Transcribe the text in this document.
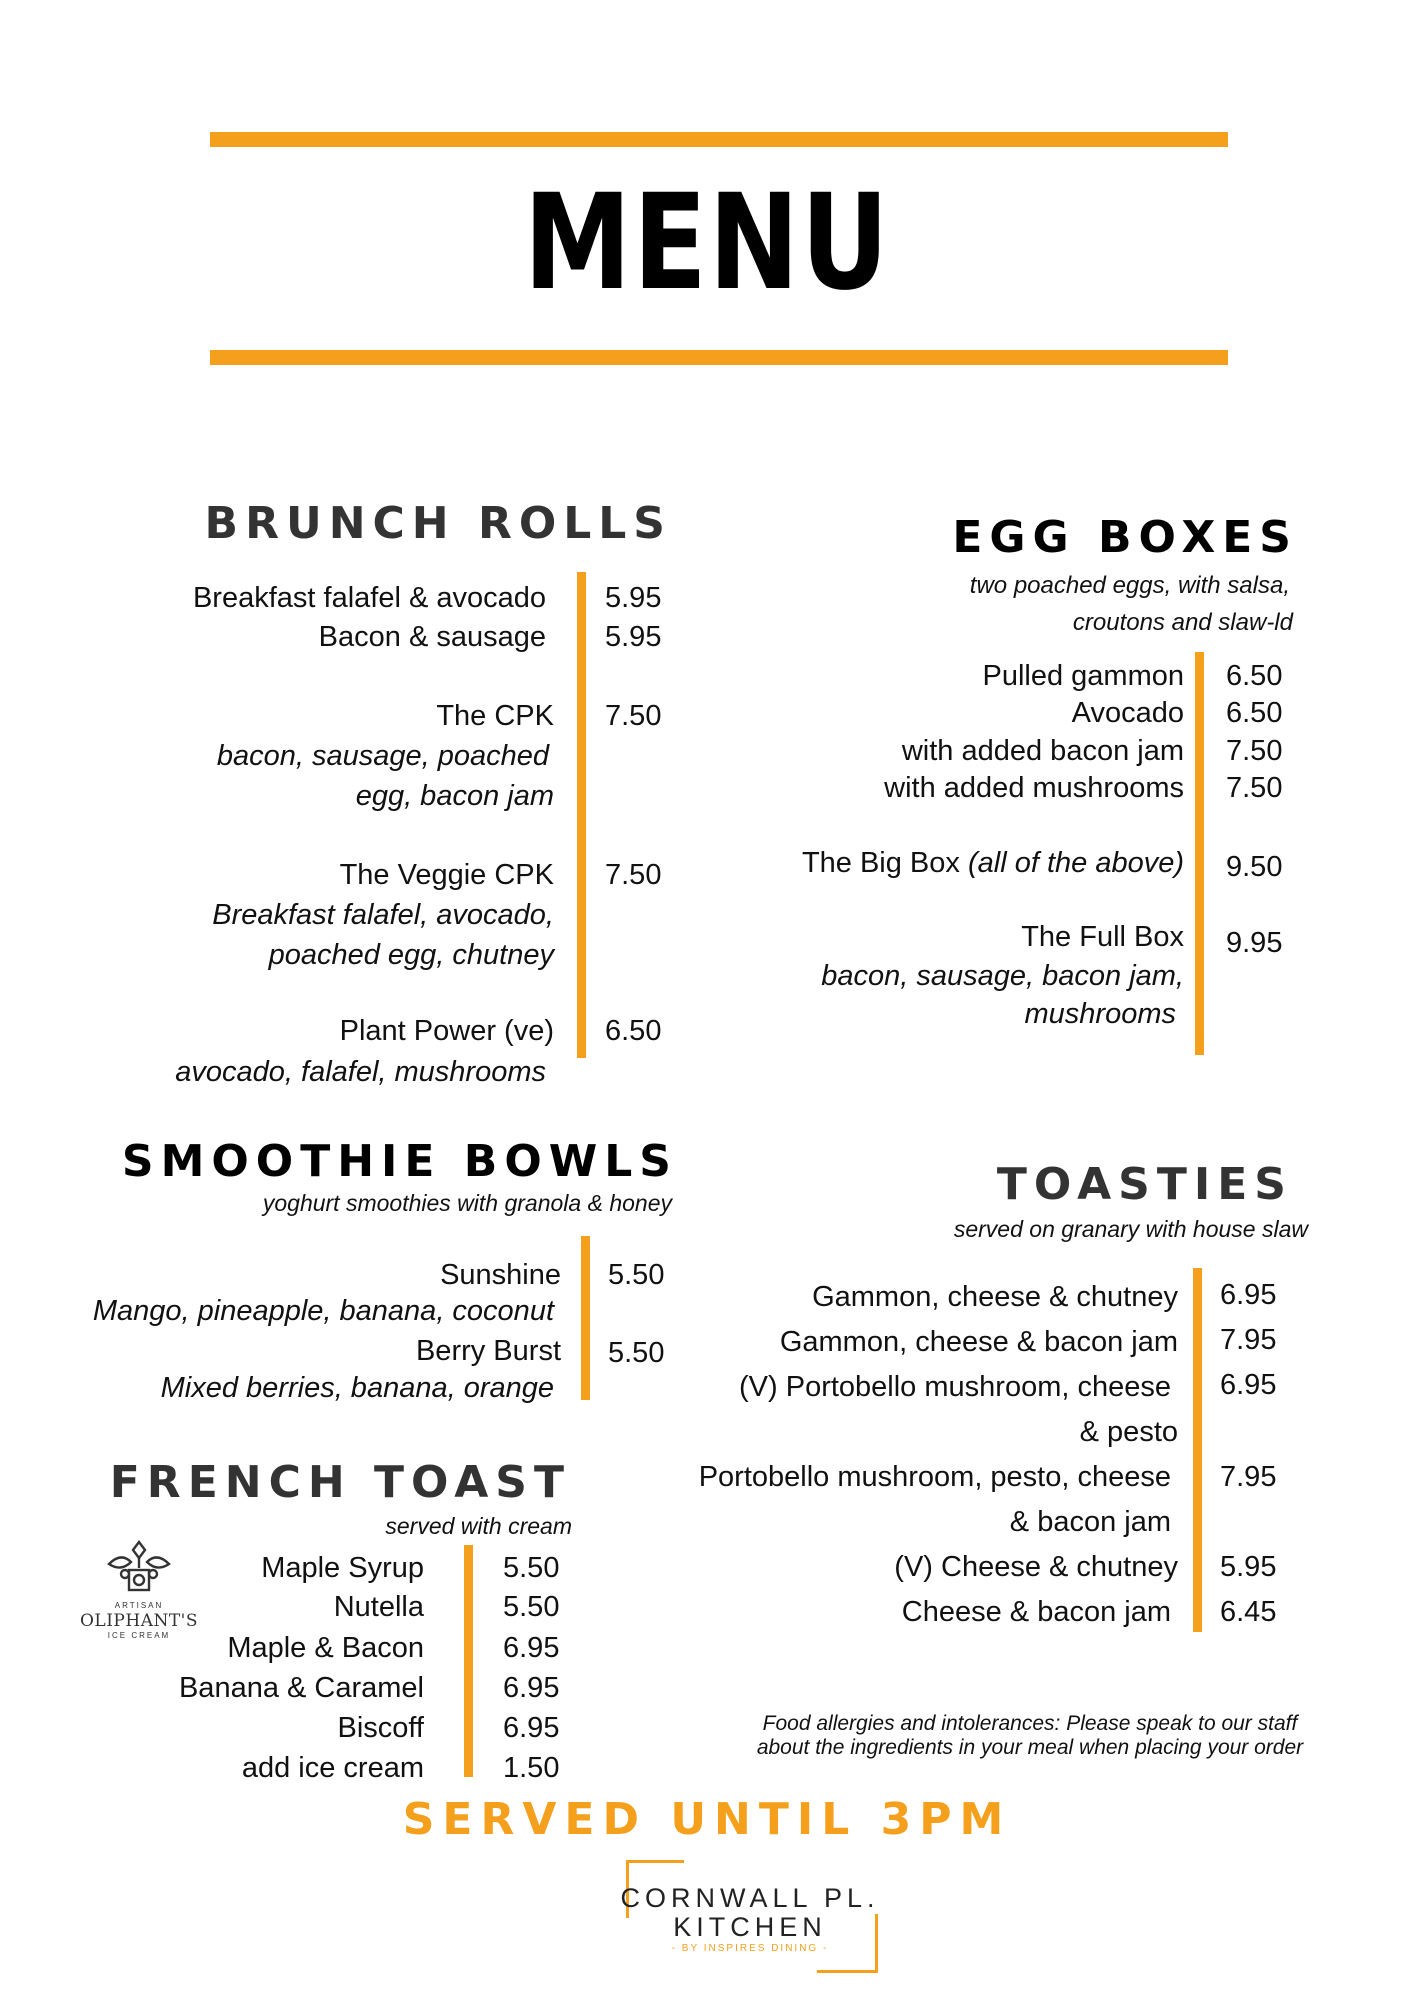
MENU
BRUNCH ROLLS
Breakfast falafel & avocado 5.95
Bacon & sausage 5.95
The CPK 7.50
bacon, sausage, poached
egg, bacon jam
The Veggie CPK 7.50
Breakfast falafel, avocado,
poached egg, chutney
Plant Power (ve) 6.50
avocado, falafel, mushrooms
EGG BOXES
two poached eggs, with salsa,
croutons and slaw-ld
Pulled gammon 6.50
Avocado 6.50
with added bacon jam 7.50
with added mushrooms 7.50
The Big Box (all of the above) 9.50
The Full Box 9.95
bacon, sausage, bacon jam,
mushrooms
SMOOTHIE BOWLS
yoghurt smoothies with granola & honey
Sunshine 5.50
Mango, pineapple, banana, coconut
Berry Burst 5.50
Mixed berries, banana, orange
FRENCH TOAST
served with cream
ARTISAN
OLIPHANT'S
ICE CREAM
Maple Syrup	5.50
Nutella	5.50
Maple & Bacon	6.95
Banana & Caramel	6.95
Biscoff	6.95
add ice cream	1.50
TOASTIES
served on granary with house slaw
Gammon, cheese & chutney 6.95
Gammon, cheese & bacon jam 7.95
(V) Portobello mushroom, cheese 6.95
& pesto
Portobello mushroom, pesto, cheese 7.95
& bacon jam
(V) Cheese & chutney 5.95
Cheese & bacon jam 6.45
Food allergies and intolerances: Please speak to our staff
about the ingredients in your meal when placing your order
SERVED UNTIL 3PM
CORNWALL PL.
KITCHEN
- BY INSPIRES DINING -
